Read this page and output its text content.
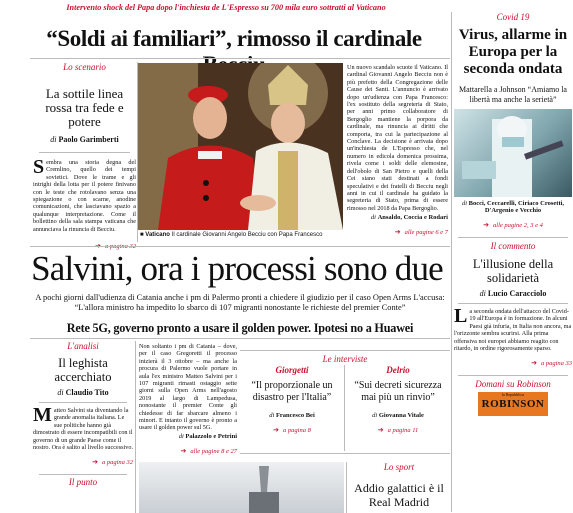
Intervento shock del Papa dopo l'inchiesta de L'Espresso su 700 mila euro sottratti al Vaticano
“Soldi ai familiari”, rimosso il cardinale
Lo scenario
La sottile linea rossa tra fede e potere
di Paolo Garimberti
Sembra una storia degna del Cremlino, quello dei tempi sovietici. Dove le trame e gli intrighi della lotta per il potere finivano con le teste che rotolavano senza una spiegazione o con scarne, anodine comunicazioni, che lasciavano spazio a qualunque interpretazione. Come il bollettino della sala stampa vaticana che annunciava la rinuncia di Becciu.
■ Vaticano Il cardinale Giovanni Angelo Becciu con Papa Francesco
Un nuovo scandalo scuote il Vaticano. Il cardinal Giovanni Angelo Becciu non è più prefetto della Congregazione delle Cause dei Santi. L'annuncio è arrivato dopo un'udienza con Papa Francesco: l'ex sostituto della segreteria di Stato, per anni primo collaboratore di Bergoglio mantiene la porpora da cardinale, ma rinuncia ai diritti che comporta, tra cui la partecipazione al Conclave. La decisione è arrivata dopo un'inchiesta de L'Espresso che, nel numero in edicola domenica prossima, rivela come i soldi delle elemosine, dell'obolo di San Pietro e quelli della Cei siano stati destinati a fondi speculativi e dei fratelli di Becciu negli anni in cui il cardinale ha guidato la segreteria di Stato, prima di essere rimosso nel 2018 da Papa Bergoglio.
di Ansaldo, Coccia e Rodari
➔ alle pagine 6 e 7
Covid 19
Virus, allarme in Europa per la seconda ondata
Mattarella a Johnson “Amiamo la libertà ma anche la serietà”
di Bocci, Ceccarelli, Ciriaco Crosetti, D'Argenio e Vecchio
➔ alle pagine 2, 3 e 4
Il commento
L'illusione della solidarietà
di Lucio Caracciolo
La seconda ondata dell'attacco del Covid-19 all'Europa è in formazione. In alcuni Paesi già infuria, in Italia non ancora, ma l'orizzonte sembra scurirsi. Alla prima offensiva noi europei abbiamo reagito con ritardo, in ordine rigorosamente sparso.
➔ a pagina 33
Domani su Robinson
la Repubblica
ROBINSON
Salvini, ora i processi sono due
A pochi giorni dall'udienza di Catania anche i pm di Palermo pronti a chiedere il giudizio per il caso Open Arms L'accusa: “L'allora ministro ha impedito lo sbarco di 107 migranti nonostante le richieste del premier Conte”
Rete 5G, governo pronto a usare il golden power. Ipotesi no a Huawei
L'analisi
Il leghista accerchiato
di Claudio Tito
Matteo Salvini sta diventando la grande anomalia italiana. Le sue politiche hanno già dimostrato di essere incompatibili con il governo di un grande Paese come il nostro. Ora è salito al livello successivo.
➔ a pagina 32
Il punto
Non soltanto i pm di Catania – dove, per il caso Gregoretti il processo inizierà il 3 ottobre – ma anche la procura di Palermo vuole portare in aula l'ex ministro Matteo Salvini per i 107 migranti rimasti ostaggio sette giorni sulla Open Arms nell'agosto 2019 al largo di Lampedusa, nonostante il premier Conte gli chiedesse di far sbarcare almeno i minori. E intanto il governo è pronto a usare il golden power sul 5G.
di Palazzolo e Petrini
➔ alle pagine 8 e 27
Le interviste
Giorgetti
“Il proporzionale un disastro per l'Italia”
di Francesco Bei
➔ a pagina 8
Delrio
“Sui decreti sicurezza mai più un rinvio”
di Giovanna Vitale
➔ a pagina 11
Lo sport
Addio galattici è il Real Madrid
